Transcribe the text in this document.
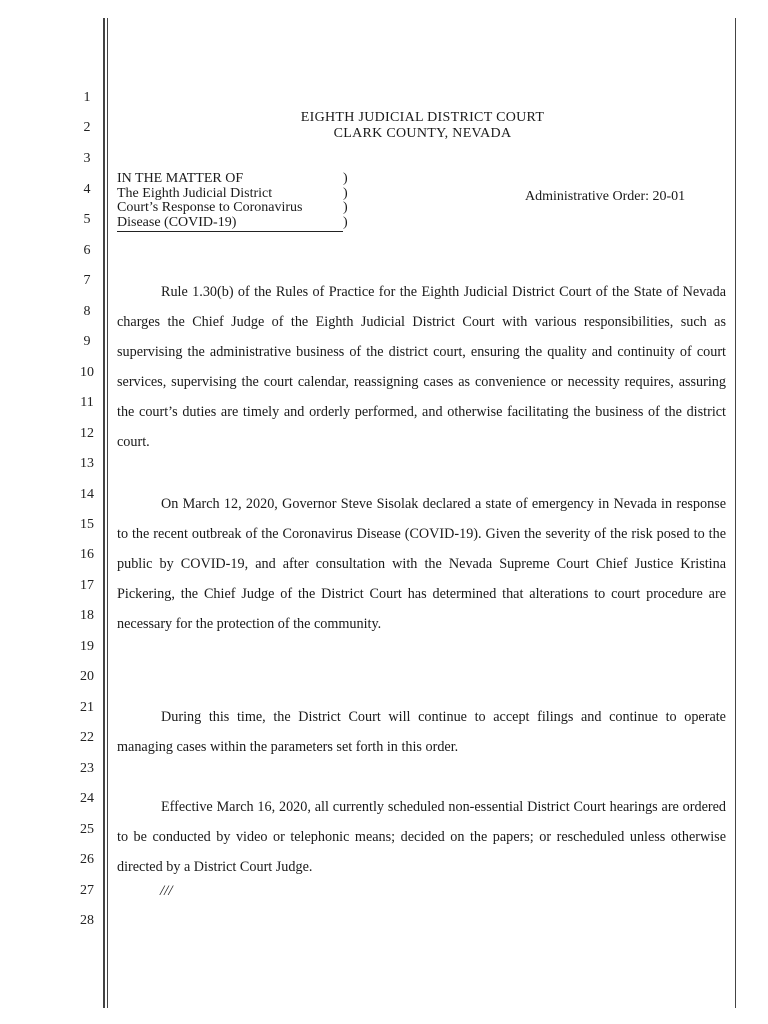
1
2
3
4
5
6
7
8
9
10
11
12
13
14
15
16
17
18
19
20
21
22
23
24
25
26
27
28
EIGHTH JUDICIAL DISTRICT COURT
CLARK COUNTY, NEVADA
IN THE MATTER OF	)
The Eighth Judicial District	)
Court’s Response to Coronavirus	)
Disease (COVID-19)	)
Administrative Order: 20-01

Rule 1.30(b) of the Rules of Practice for the Eighth Judicial District Court of the State of Nevada charges the Chief Judge of the Eighth Judicial District Court with various responsibilities, such as supervising the administrative business of the district court, ensuring the quality and continuity of court services, supervising the court calendar, reassigning cases as convenience or necessity requires, assuring the court’s duties are timely and orderly performed, and otherwise facilitating the business of the district court.

On March 12, 2020, Governor Steve Sisolak declared a state of emergency in Nevada in response to the recent outbreak of the Coronavirus Disease (COVID-19). Given the severity of the risk posed to the public by COVID-19, and after consultation with the Nevada Supreme Court Chief Justice Kristina Pickering, the Chief Judge of the District Court has determined that alterations to court procedure are necessary for the protection of the community.

During this time, the District Court will continue to accept filings and continue to operate managing cases within the parameters set forth in this order.

Effective March 16, 2020, all currently scheduled non-essential District Court hearings are ordered to be conducted by video or telephonic means; decided on the papers; or rescheduled unless otherwise directed by a District Court Judge.

///
